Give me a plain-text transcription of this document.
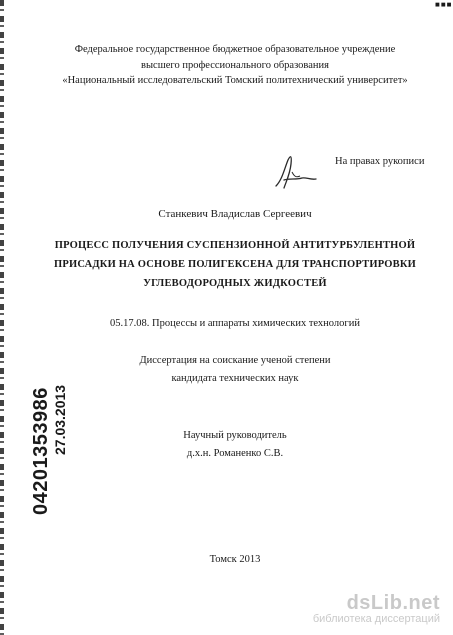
■■■
Федеральное государственное бюджетное образовательное учреждение
высшего профессионального образования
«Национальный исследовательский Томский политехнический университет»
На правах рукописи
Станкевич Владислав Сергеевич
ПРОЦЕСС ПОЛУЧЕНИЯ СУСПЕНЗИОННОЙ АНТИТУРБУЛЕНТНОЙ
ПРИСАДКИ НА ОСНОВЕ ПОЛИГЕКСЕНА ДЛЯ ТРАНСПОРТИРОВКИ
УГЛЕВОДОРОДНЫХ ЖИДКОСТЕЙ
05.17.08. Процессы и аппараты химических технологий
Диссертация на соискание ученой степени
кандидата технических наук
Научный руководитель
д.х.н. Романенко С.В.
Томск 2013
04201353986 27.03.2013
dsLib.net
библиотека диссертаций
